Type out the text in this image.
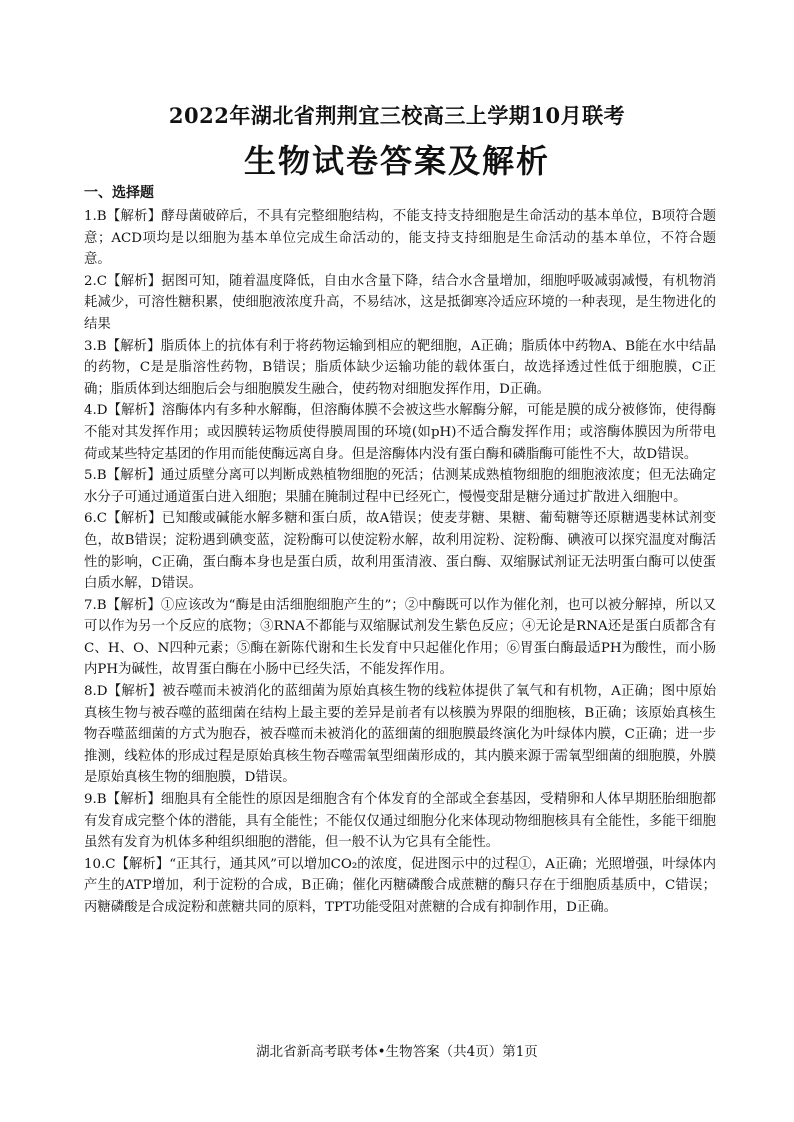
2022年湖北省荆荆宜三校高三上学期10月联考
生物试卷答案及解析
一、选择题

1.B【解析】酵母菌破碎后，不具有完整细胞结构，不能支持支持细胞是生命活动的基本单位，B项符合题意；ACD项均是以细胞为基本单位完成生命活动的，能支持支持细胞是生命活动的基本单位，不符合题意。

2.C【解析】据图可知，随着温度降低，自由水含量下降，结合水含量增加，细胞呼吸减弱减慢，有机物消耗减少，可溶性糖积累，使细胞液浓度升高，不易结冰，这是抵御寒冷适应环境的一种表现，是生物进化的结果

3.B【解析】脂质体上的抗体有利于将药物运输到相应的靶细胞，A正确；脂质体中药物A、B能在水中结晶的药物，C是是脂溶性药物，B错误；脂质体缺少运输功能的载体蛋白，故选择透过性低于细胞膜，C正确；脂质体到达细胞后会与细胞膜发生融合，使药物对细胞发挥作用，D正确。

4.D【解析】溶酶体内有多种水解酶，但溶酶体膜不会被这些水解酶分解，可能是膜的成分被修饰，使得酶不能对其发挥作用；或因膜转运物质使得膜周围的环境(如pH)不适合酶发挥作用；或溶酶体膜因为所带电荷或某些特定基团的作用而能使酶远离自身。但是溶酶体内没有蛋白酶和磷脂酶可能性不大，故D错误。

5.B【解析】通过质壁分离可以判断成熟植物细胞的死活；估测某成熟植物细胞的细胞液浓度；但无法确定水分子可通过通道蛋白进入细胞；果脯在腌制过程中已经死亡，慢慢变甜是糖分通过扩散进入细胞中。

6.C【解析】已知酸或碱能水解多糖和蛋白质，故A错误；使麦芽糖、果糖、葡萄糖等还原糖遇斐林试剂变色，故B错误；淀粉遇到碘变蓝，淀粉酶可以使淀粉水解，故利用淀粉、淀粉酶、碘液可以探究温度对酶活性的影响，C正确，蛋白酶本身也是蛋白质，故利用蛋清液、蛋白酶、双缩脲试剂证无法明蛋白酶可以使蛋白质水解，D错误。

7.B【解析】①应该改为“酶是由活细胞细胞产生的”；②中酶既可以作为催化剂，也可以被分解掉，所以又可以作为另一个反应的底物；③RNA不都能与双缩脲试剂发生紫色反应；④无论是RNA还是蛋白质都含有C、H、O、N四种元素；⑤酶在新陈代谢和生长发育中只起催化作用；⑥胃蛋白酶最适PH为酸性，而小肠内PH为碱性，故胃蛋白酶在小肠中已经失活，不能发挥作用。

8.D【解析】被吞噬而未被消化的蓝细菌为原始真核生物的线粒体提供了氧气和有机物，A正确；图中原始真核生物与被吞噬的蓝细菌在结构上最主要的差异是前者有以核膜为界限的细胞核，B正确；该原始真核生物吞噬蓝细菌的方式为胞吞，被吞噬而未被消化的蓝细菌的细胞膜最终演化为叶绿体内膜，C正确；进一步推测，线粒体的形成过程是原始真核生物吞噬需氧型细菌形成的，其内膜来源于需氧型细菌的细胞膜，外膜是原始真核生物的细胞膜，D错误。

9.B【解析】细胞具有全能性的原因是细胞含有个体发育的全部或全套基因，受精卵和人体早期胚胎细胞都有发育成完整个体的潜能，具有全能性；不能仅仅通过细胞分化来体现动物细胞核具有全能性，多能干细胞虽然有发育为机体多种组织细胞的潜能，但一般不认为它具有全能性。

10.C【解析】“正其行，通其风”可以增加CO₂的浓度，促进图示中的过程①，A正确；光照增强，叶绿体内产生的ATP增加，利于淀粉的合成，B正确；催化丙糖磷酸合成蔗糖的酶只存在于细胞质基质中，C错误；丙糖磷酸是合成淀粉和蔗糖共同的原料，TPT功能受阻对蔗糖的合成有抑制作用，D正确。

湖北省新高考联考体•生物答案（共4页）第1页
